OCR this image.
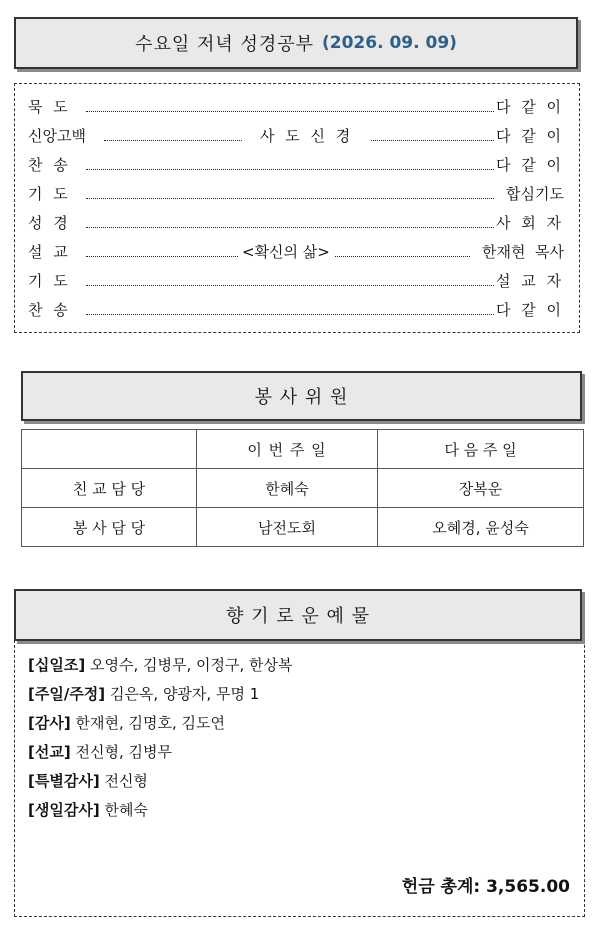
수요일 저녁 성경공부 (2026. 09. 09)
묵 도	다 같 이
신앙고백	사 도 신 경	다 같 이
찬 송	다 같 이
기 도	합심기도
성 경	사 회 자
설 교	<확신의 삶>	한재현  목사
기 도	설 교 자
찬 송	다 같 이
봉 사 위 원
	이 번 주 일	다 음 주 일
친 교 담 당	한혜숙	장복운
봉 사 담 당	남전도회	오혜경, 윤성숙
향 기 로 운 예 물
[십일조] 오영수, 김병무, 이정구, 한상복
[주일/주정] 김은옥, 양광자, 무명 1
[감사] 한재현, 김명호, 김도연
[선교] 전신형, 김병무
[특별감사] 전신형
[생일감사] 한혜숙
헌금 총계: 3,565.00
